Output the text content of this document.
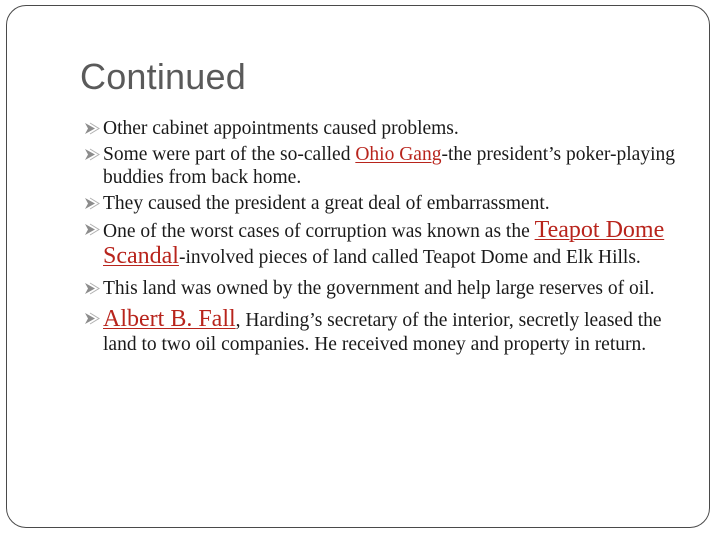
Continued
Other cabinet appointments caused problems.
Some were part of the so-called Ohio Gang-the president’s poker-playing buddies from back home.
They caused the president a great deal of embarrassment.
One of the worst cases of corruption was known as the Teapot Dome Scandal-involved pieces of land called Teapot Dome and Elk Hills.
This land was owned by the government and help large reserves of oil.
Albert B. Fall, Harding’s secretary of the interior, secretly leased the land to two oil companies. He received money and property in return.
